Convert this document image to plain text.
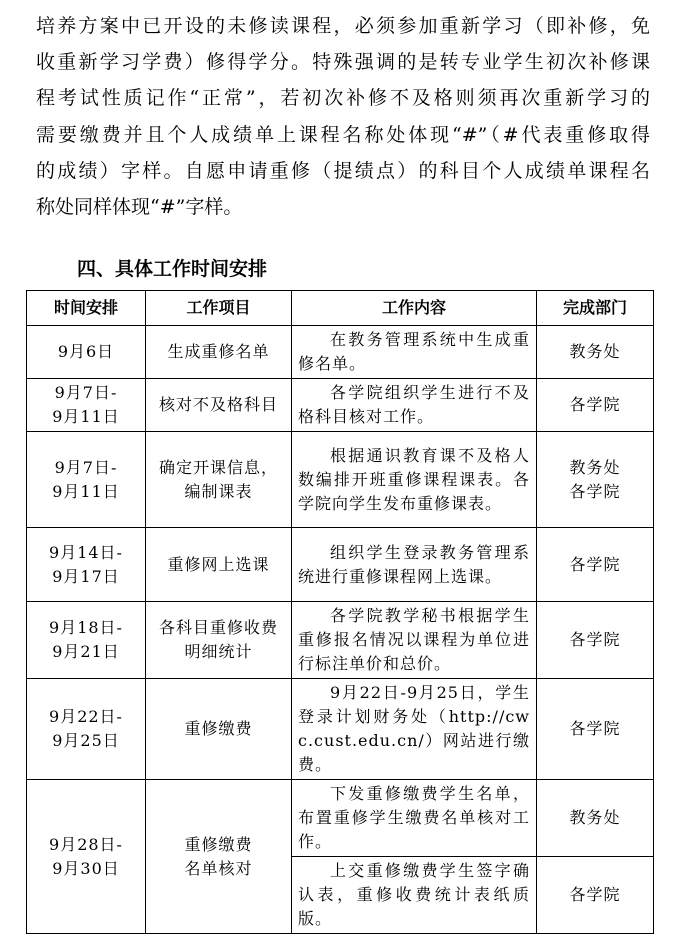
培养方案中已开设的未修读课程，必须参加重新学习（即补修，免
收重新学习学费）修得学分。特殊强调的是转专业学生初次补修课
程考试性质记作“正常”，若初次补修不及格则须再次重新学习的
需要缴费并且个人成绩单上课程名称处体现“#”（#代表重修取得
的成绩）字样。自愿申请重修（提绩点）的科目个人成绩单课程名
称处同样体现“#”字样。
四、具体工作时间安排
时间安排	工作项目	工作内容	完成部门

9月6日	生成重修名单	在教务管理系统中生成重修名单。	教务处

9月7日-
9月11日	核对不及格科目	各学院组织学生进行不及格科目核对工作。	各学院

9月7日-
9月11日	确定开课信息，
编制课表	根据通识教育课不及格人数编排开班重修课程课表。各学院向学生发布重修课表。	教务处
各学院

9月14日-
9月17日	重修网上选课	组织学生登录教务管理系统进行重修课程网上选课。	各学院

9月18日-
9月21日	各科目重修收费
明细统计	各学院教学秘书根据学生重修报名情况以课程为单位进行标注单价和总价。	各学院

9月22日-
9月25日	重修缴费	9月22日-9月25日，学生登录计划财务处（http://cwc.cust.edu.cn/）网站进行缴费。	各学院

9月28日-
9月30日	重修缴费
名单核对	下发重修缴费学生名单，布置重修学生缴费名单核对工作。	教务处

		上交重修缴费学生签字确认表，重修收费统计表纸质版。	各学院
